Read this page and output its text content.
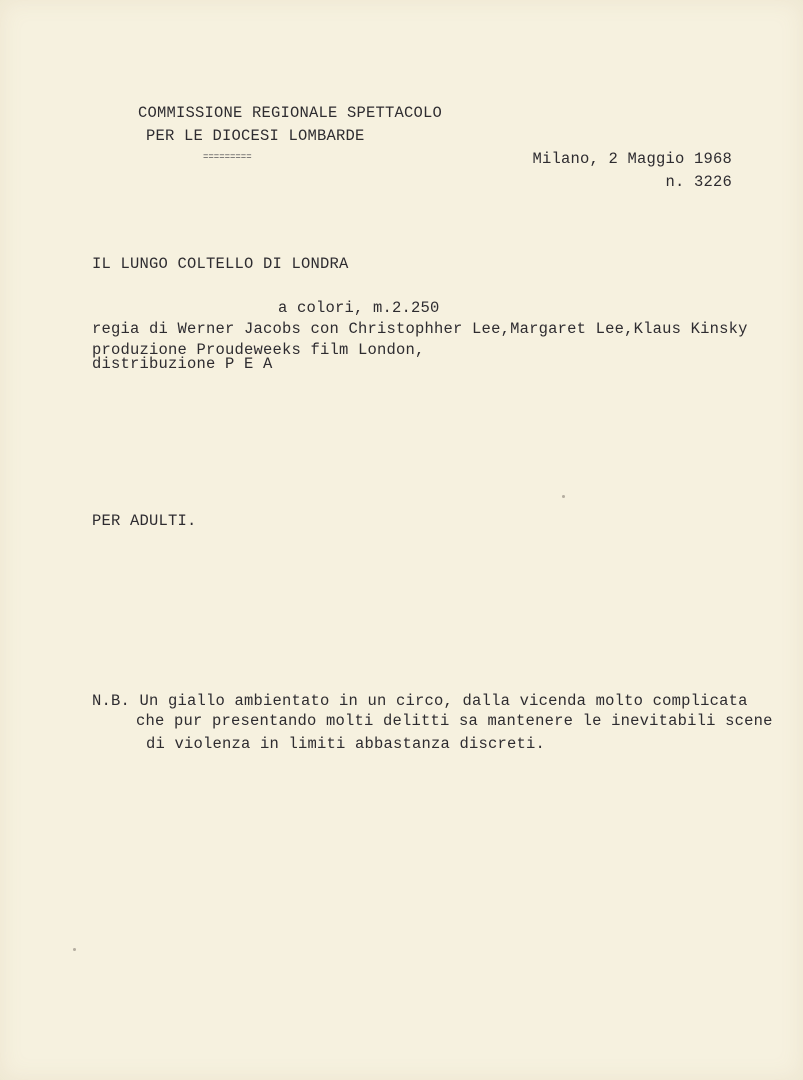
COMMISSIONE REGIONALE SPETTACOLO
PER LE DIOCESI LOMBARDE
=========	Milano, 2 Maggio 1968
n. 3226
IL LUNGO COLTELLO DI LONDRA
a colori, m.2.250
regia di Werner Jacobs con Christophher Lee,Margaret Lee,Klaus Kinsky
produzione Proudeweeks film London,
distribuzione P E A
PER ADULTI.
N.B. Un giallo ambientato in un circo, dalla vicenda molto complicata
che pur presentando molti delitti sa mantenere le inevitabili scene
di violenza in limiti abbastanza discreti.
